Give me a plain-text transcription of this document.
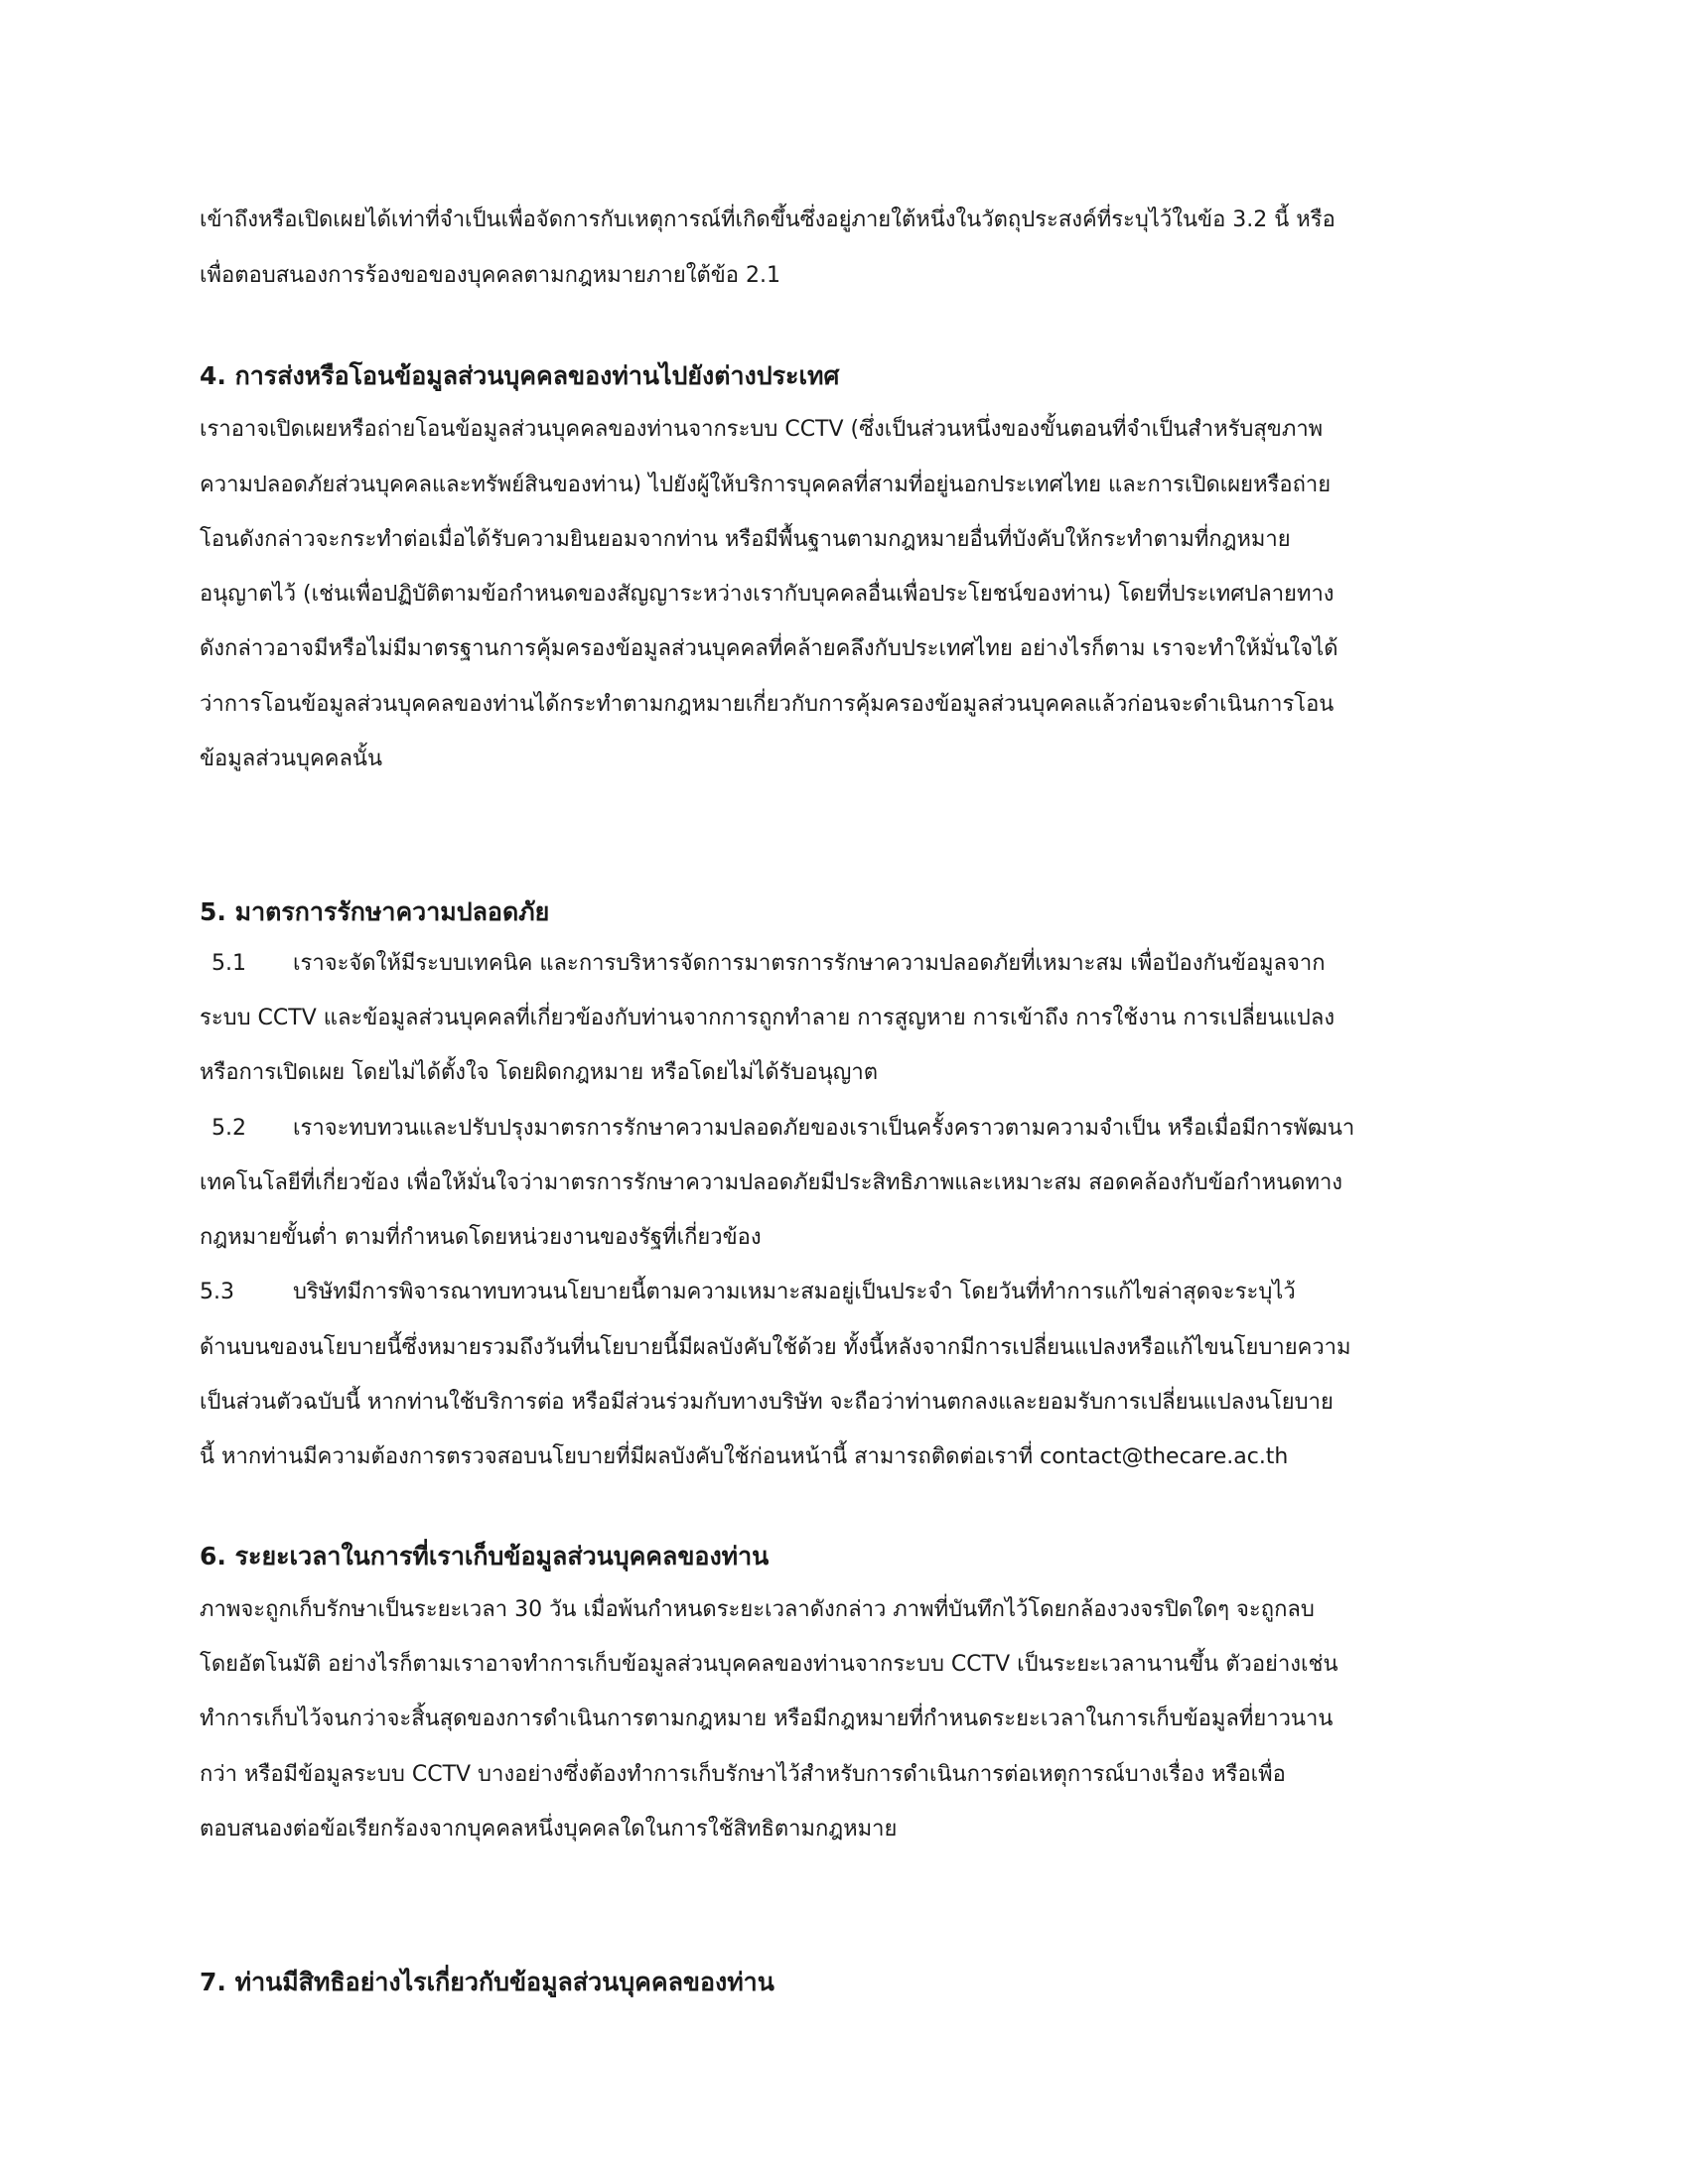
เข้าถึงหรือเปิดเผยได้เท่าที่จำเป็นเพื่อจัดการกับเหตุการณ์ที่เกิดขึ้นซึ่งอยู่ภายใต้หนึ่งในวัตถุประสงค์ที่ระบุไว้ในข้อ 3.2 นี้ หรือ
เพื่อตอบสนองการร้องขอของบุคคลตามกฎหมายภายใต้ข้อ 2.1
4. การส่งหรือโอนข้อมูลส่วนบุคคลของท่านไปยังต่างประเทศ
เราอาจเปิดเผยหรือถ่ายโอนข้อมูลส่วนบุคคลของท่านจากระบบ CCTV (ซึ่งเป็นส่วนหนึ่งของขั้นตอนที่จำเป็นสำหรับสุขภาพ
ความปลอดภัยส่วนบุคคลและทรัพย์สินของท่าน) ไปยังผู้ให้บริการบุคคลที่สามที่อยู่นอกประเทศไทย และการเปิดเผยหรือถ่าย
โอนดังกล่าวจะกระทำต่อเมื่อได้รับความยินยอมจากท่าน หรือมีพื้นฐานตามกฎหมายอื่นที่บังคับให้กระทำตามที่กฎหมาย
อนุญาตไว้ (เช่นเพื่อปฏิบัติตามข้อกำหนดของสัญญาระหว่างเรากับบุคคลอื่นเพื่อประโยชน์ของท่าน) โดยที่ประเทศปลายทาง
ดังกล่าวอาจมีหรือไม่มีมาตรฐานการคุ้มครองข้อมูลส่วนบุคคลที่คล้ายคลึงกับประเทศไทย อย่างไรก็ตาม เราจะทำให้มั่นใจได้
ว่าการโอนข้อมูลส่วนบุคคลของท่านได้กระทำตามกฎหมายเกี่ยวกับการคุ้มครองข้อมูลส่วนบุคคลแล้วก่อนจะดำเนินการโอน
ข้อมูลส่วนบุคคลนั้น
5. มาตรการรักษาความปลอดภัย
5.1 เราจะจัดให้มีระบบเทคนิค และการบริหารจัดการมาตรการรักษาความปลอดภัยที่เหมาะสม เพื่อป้องกันข้อมูลจาก
ระบบ CCTV และข้อมูลส่วนบุคคลที่เกี่ยวข้องกับท่านจากการถูกทำลาย การสูญหาย การเข้าถึง การใช้งาน การเปลี่ยนแปลง
หรือการเปิดเผย โดยไม่ได้ตั้งใจ โดยผิดกฎหมาย หรือโดยไม่ได้รับอนุญาต
5.2 เราจะทบทวนและปรับปรุงมาตรการรักษาความปลอดภัยของเราเป็นครั้งคราวตามความจำเป็น หรือเมื่อมีการพัฒนา
เทคโนโลยีที่เกี่ยวข้อง เพื่อให้มั่นใจว่ามาตรการรักษาความปลอดภัยมีประสิทธิภาพและเหมาะสม สอดคล้องกับข้อกำหนดทาง
กฎหมายขั้นต่ำ ตามที่กำหนดโดยหน่วยงานของรัฐที่เกี่ยวข้อง
5.3	บริษัทมีการพิจารณาทบทวนนโยบายนี้ตามความเหมาะสมอยู่เป็นประจำ โดยวันที่ทำการแก้ไขล่าสุดจะระบุไว้
ด้านบนของนโยบายนี้ซึ่งหมายรวมถึงวันที่นโยบายนี้มีผลบังคับใช้ด้วย ทั้งนี้หลังจากมีการเปลี่ยนแปลงหรือแก้ไขนโยบายความ
เป็นส่วนตัวฉบับนี้ หากท่านใช้บริการต่อ หรือมีส่วนร่วมกับทางบริษัท จะถือว่าท่านตกลงและยอมรับการเปลี่ยนแปลงนโยบาย
นี้ หากท่านมีความต้องการตรวจสอบนโยบายที่มีผลบังคับใช้ก่อนหน้านี้ สามารถติดต่อเราที่ contact@thecare.ac.th
6. ระยะเวลาในการที่เราเก็บข้อมูลส่วนบุคคลของท่าน
ภาพจะถูกเก็บรักษาเป็นระยะเวลา 30 วัน เมื่อพ้นกำหนดระยะเวลาดังกล่าว ภาพที่บันทึกไว้โดยกล้องวงจรปิดใดๆ จะถูกลบ
โดยอัตโนมัติ อย่างไรก็ตามเราอาจทำการเก็บข้อมูลส่วนบุคคลของท่านจากระบบ CCTV เป็นระยะเวลานานขึ้น ตัวอย่างเช่น
ทำการเก็บไว้จนกว่าจะสิ้นสุดของการดำเนินการตามกฎหมาย หรือมีกฎหมายที่กำหนดระยะเวลาในการเก็บข้อมูลที่ยาวนาน
กว่า หรือมีข้อมูลระบบ CCTV บางอย่างซึ่งต้องทำการเก็บรักษาไว้สำหรับการดำเนินการต่อเหตุการณ์บางเรื่อง หรือเพื่อ
ตอบสนองต่อข้อเรียกร้องจากบุคคลหนึ่งบุคคลใดในการใช้สิทธิตามกฎหมาย
7. ท่านมีสิทธิอย่างไรเกี่ยวกับข้อมูลส่วนบุคคลของท่าน
